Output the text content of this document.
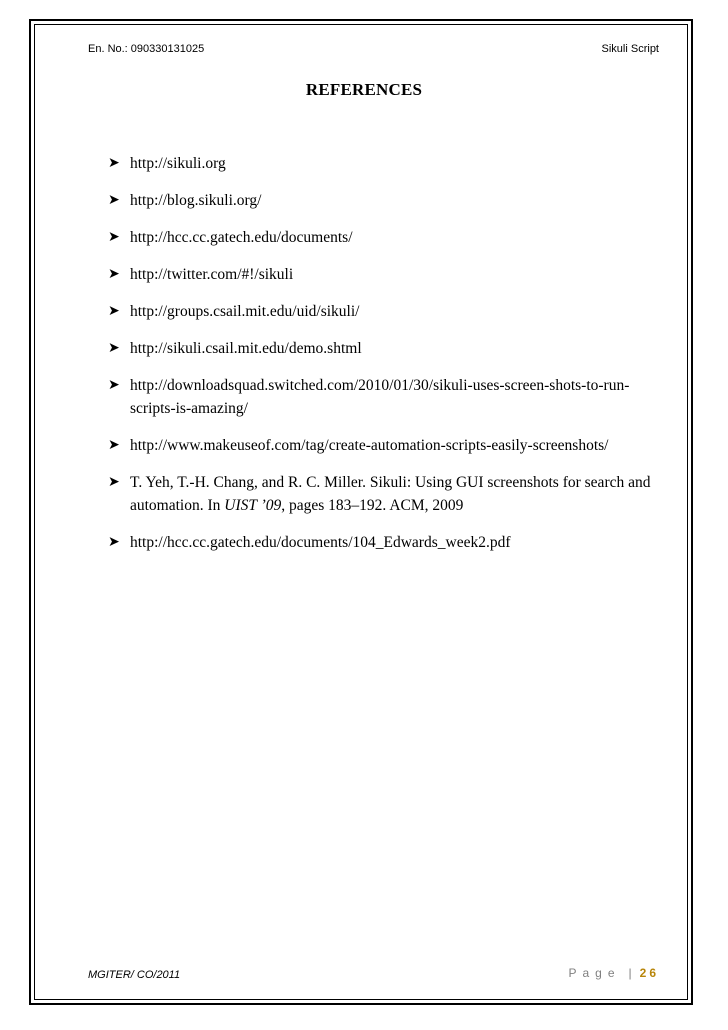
En. No.: 090330131025	Sikuli Script
REFERENCES
➤ http://sikuli.org
➤ http://blog.sikuli.org/
➤ http://hcc.cc.gatech.edu/documents/
➤ http://twitter.com/#!/sikuli
➤ http://groups.csail.mit.edu/uid/sikuli/
➤ http://sikuli.csail.mit.edu/demo.shtml
➤ http://downloadsquad.switched.com/2010/01/30/sikuli-uses-screen-shots-to-run-scripts-is-amazing/
➤ http://www.makeuseof.com/tag/create-automation-scripts-easily-screenshots/
➤ T. Yeh, T.-H. Chang, and R. C. Miller. Sikuli: Using GUI screenshots for search and automation. In UIST ’09, pages 183–192. ACM, 2009
➤ http://hcc.cc.gatech.edu/documents/104_Edwards_week2.pdf
MGITER/ CO/2011	Page | 26
